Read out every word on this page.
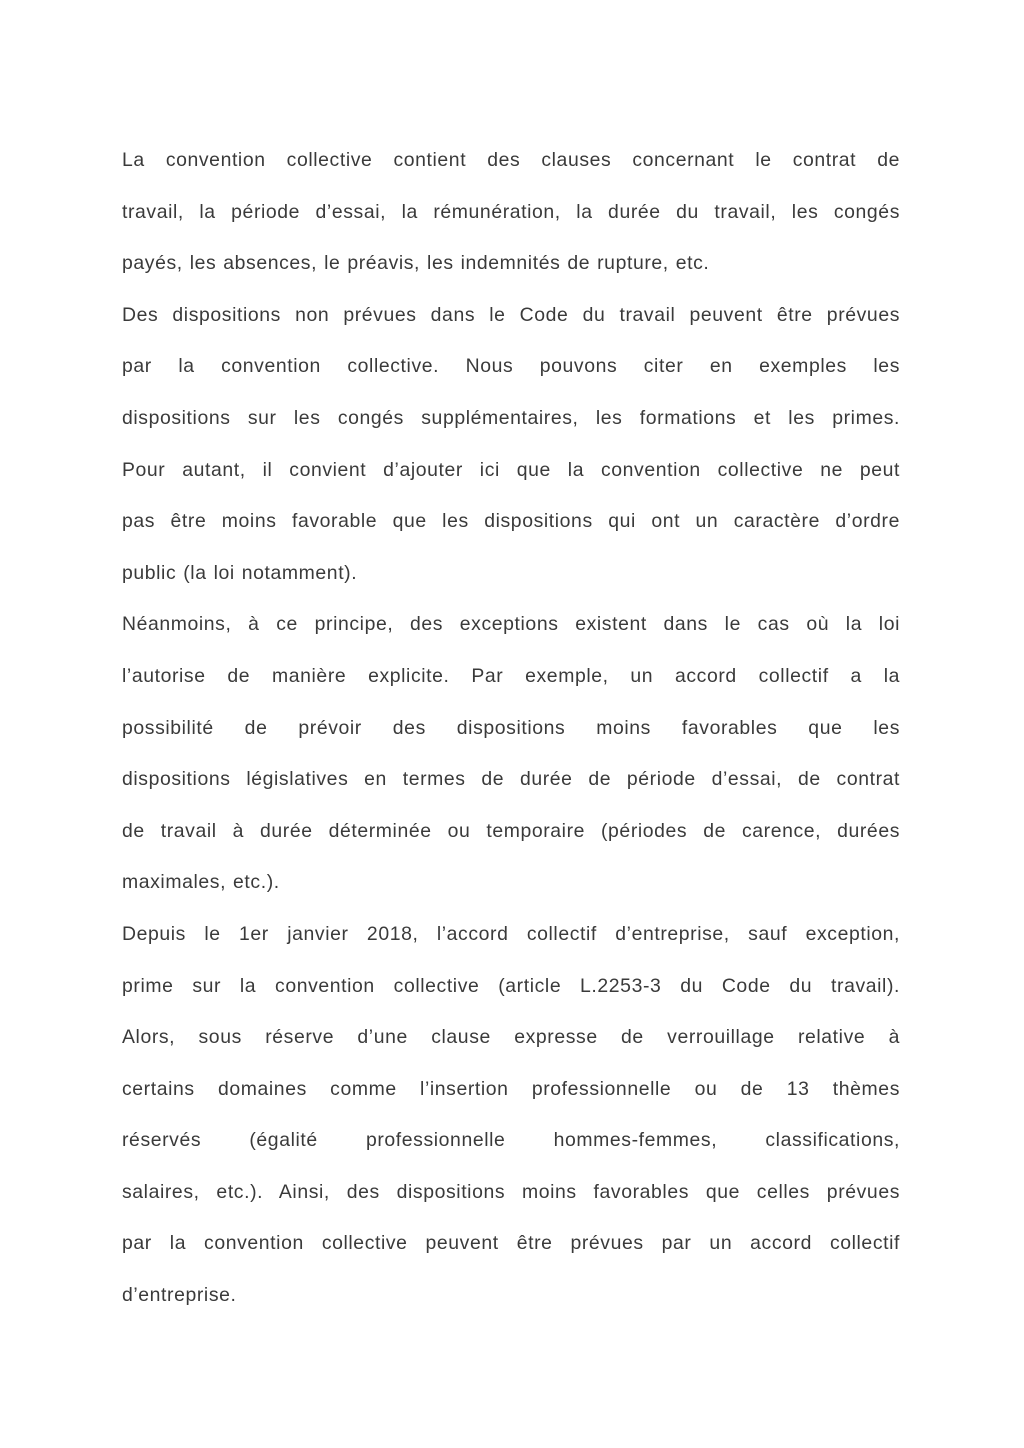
La convention collective contient des clauses concernant le contrat de
travail, la période d’essai, la rémunération, la durée du travail, les congés
payés, les absences, le préavis, les indemnités de rupture, etc.

Des dispositions non prévues dans le Code du travail peuvent être prévues
par la convention collective. Nous pouvons citer en exemples les
dispositions sur les congés supplémentaires, les formations et les primes.
Pour autant, il convient d’ajouter ici que la convention collective ne peut
pas être moins favorable que les dispositions qui ont un caractère d’ordre
public (la loi notamment).

Néanmoins, à ce principe, des exceptions existent dans le cas où la loi
l’autorise de manière explicite. Par exemple, un accord collectif a la
possibilité de prévoir des dispositions moins favorables que les
dispositions législatives en termes de durée de période d’essai, de contrat
de travail à durée déterminée ou temporaire (périodes de carence, durées
maximales, etc.).

Depuis le 1er janvier 2018, l’accord collectif d’entreprise, sauf exception,
prime sur la convention collective (article L.2253-3 du Code du travail).
Alors, sous réserve d’une clause expresse de verrouillage relative à
certains domaines comme l’insertion professionnelle ou de 13 thèmes
réservés (égalité professionnelle hommes-femmes, classifications,
salaires, etc.). Ainsi, des dispositions moins favorables que celles prévues
par la convention collective peuvent être prévues par un accord collectif
d’entreprise.
